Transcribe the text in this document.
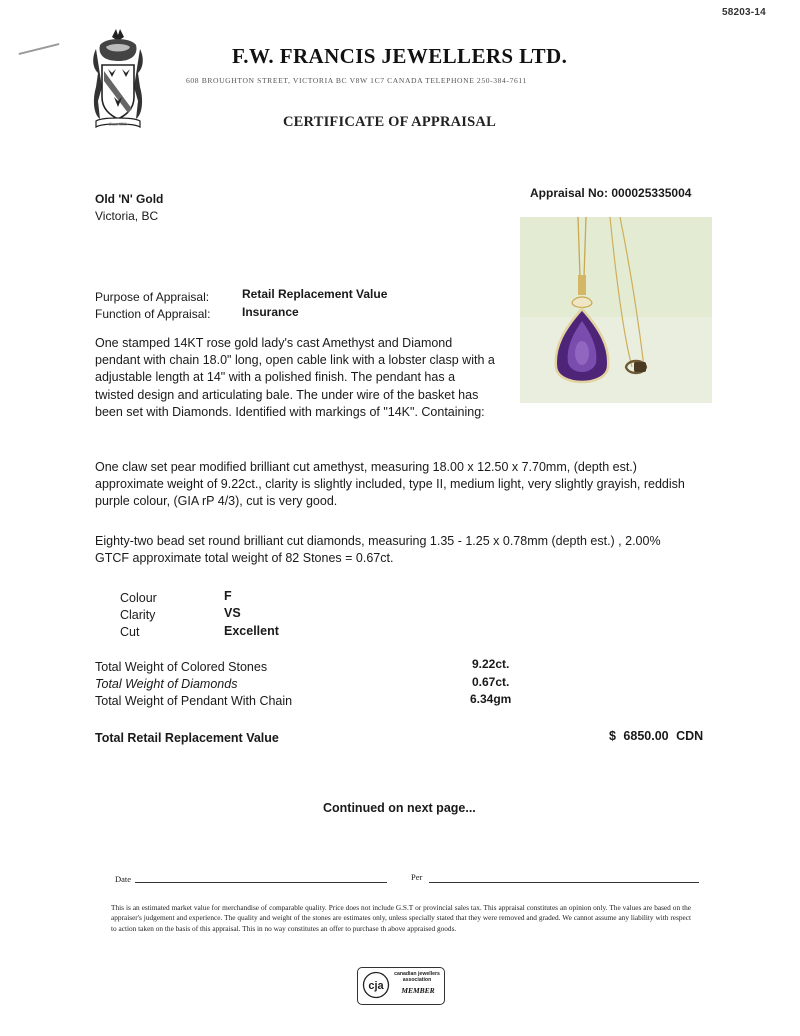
58203-14
Since 1911
F.W. FRANCIS JEWELLERS LTD.
608 BROUGHTON STREET, VICTORIA BC V8W 1C7 CANADA TELEPHONE 250-384-7611
CERTIFICATE OF APPRAISAL
Old 'N' Gold
Victoria, BC
Appraisal No: 000025335004
Purpose of Appraisal:	Retail Replacement Value
Function of Appraisal:	Insurance
One stamped 14KT rose gold lady's cast Amethyst and Diamond pendant with chain 18.0" long, open cable link with a lobster clasp with a adjustable length at 14" with a polished finish. The pendant has a twisted design and articulating bale. The under wire of the basket has been set with Diamonds. Identified with markings of "14K". Containing:
One claw set pear modified brilliant cut amethyst, measuring 18.00 x 12.50 x 7.70mm, (depth est.) approximate weight of 9.22ct., clarity is slightly included, type II, medium light, very slightly grayish, reddish purple colour, (GIA rP 4/3), cut is very good.
Eighty-two bead set round brilliant cut diamonds, measuring 1.35 - 1.25 x 0.78mm (depth est.) , 2.00% GTCF approximate total weight of 82 Stones = 0.67ct.
Colour	F
Clarity	VS
Cut	Excellent
Total Weight of Colored Stones	9.22ct.
Total Weight of Diamonds	0.67ct.
Total Weight of Pendant With Chain	6.34gm
Total Retail Replacement Value	$ 6850.00 CDN
Continued on next page...
Date	Per
This is an estimated market value for merchandise of comparable quality. Price does not include G.S.T or provincial sales tax. This appraisal constitutes an opinion only. The values are based on the appraiser's judgement and experience. The quality and weight of the stones are estimates only, unless specially stated that they were removed and graded. We cannot assume any liability with respect to action taken on the basis of this appraisal. This in no way constitutes an offer to purchase th above appraised goods.
cja
canadian jewellers association
MEMBER
